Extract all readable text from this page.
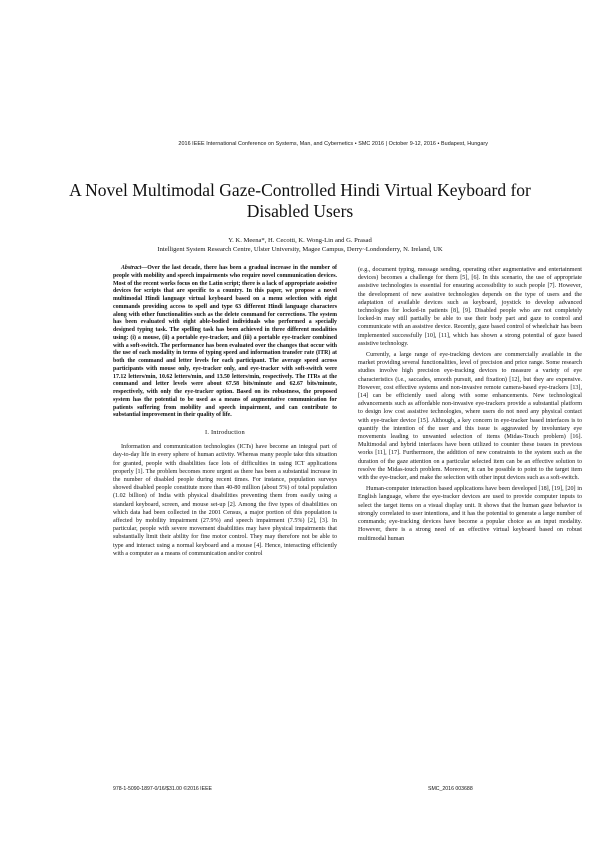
2016 IEEE International Conference on Systems, Man, and Cybernetics • SMC 2016 | October 9-12, 2016 • Budapest, Hungary
A Novel Multimodal Gaze-Controlled Hindi Virtual Keyboard for Disabled Users
Y. K. Meena*, H. Cecotti, K. Wong-Lin and G. Prasad
Intelligent System Research Centre, Ulster University, Magee Campus, Derry~Londonderry, N. Ireland, UK

Abstract—Over the last decade, there has been a gradual increase in the number of people with mobility and speech impairments who require novel communication devices. Most of the recent works focus on the Latin script; there is a lack of appropriate assistive devices for scripts that are specific to a country. In this paper, we propose a novel multimodal Hindi language virtual keyboard based on a menu selection with eight commands providing access to spell and type 63 different Hindi language characters along with other functionalities such as the delete command for corrections. The system has been evaluated with eight able-bodied individuals who performed a specially designed typing task. The spelling task has been achieved in three different modalities using: (i) a mouse, (ii) a portable eye-tracker, and (iii) a portable eye-tracker combined with a soft-switch. The performance has been evaluated over the changes that occur with the use of each modality in terms of typing speed and information transfer rate (ITR) at both the command and letter levels for each participant. The average speed across participants with mouse only, eye-tracker only, and eye-tracker with soft-switch were 17.12 letters/min, 10.62 letters/min, and 13.50 letters/min, respectively. The ITRs at the command and letter levels were about 67.58 bits/minute and 62.67 bits/minute, respectively, with only the eye-tracker option. Based on its robustness, the proposed system has the potential to be used as a means of augmentative communication for patients suffering from mobility and speech impairment, and can contribute to substantial improvement in their quality of life.

I. Introduction

Information and communication technologies (ICTs) have become an integral part of day-to-day life in every sphere of human activity. Whereas many people take this situation for granted, people with disabilities face lots of difficulties in using ICT applications properly [1]. The problem becomes more urgent as there has been a substantial increase in the number of disabled people during recent times. For instance, population surveys showed disabled people constitute more than 40-80 million (about 5%) of total population (1.02 billion) of India with physical disabilities preventing them from easily using a standard keyboard, screen, and mouse set-up [2]. Among the five types of disabilities on which data had been collected in the 2001 Census, a major portion of this population is affected by mobility impairment (27.9%) and speech impairment (7.5%) [2], [3]. In particular, people with severe movement disabilities may have physical impairments that substantially limit their ability for fine motor control. They may therefore not be able to type and interact using a normal keyboard and a mouse [4]. Hence, interacting efficiently with a computer as a means of communication and/or control

(e.g., document typing, message sending, operating other augmentative and entertainment devices) becomes a challenge for them [5], [6]. In this scenario, the use of appropriate assistive technologies is essential for ensuring accessibility to such people [7]. However, the development of new assistive technologies depends on the type of users and the adaptation of available devices such as keyboard, joystick to develop advanced technologies for locked-in patients [8], [9]. Disabled people who are not completely locked-in may still partially be able to use their body part and gaze to control and communicate with an assistive device. Recently, gaze based control of wheelchair has been implemented successfully [10], [11], which has shown a strong potential of gaze based assistive technology.

Currently, a large range of eye-tracking devices are commercially available in the market providing several functionalities, level of precision and price range. Some research studies involve high precision eye-tracking devices to measure a variety of eye characteristics (i.e., saccades, smooth pursuit, and fixation) [12], but they are expensive. However, cost effective systems and non-invasive remote camera-based eye-trackers [13], [14] can be efficiently used along with some enhancements. New technological advancements such as affordable non-invasive eye-trackers provide a substantial platform to design low cost assistive technologies, where users do not need any physical contact with eye-tracker device [15]. Although, a key concern in eye-tracker based interfaces is to quantify the intention of the user and this issue is aggravated by involuntary eye movements leading to unwanted selection of items (Midas-Touch problem) [16]. Multimodal and hybrid interfaces have been utilized to counter these issues in previous works [11], [17]. Furthermore, the addition of new constraints to the system such as the duration of the gaze attention on a particular selected item can be an effective solution to resolve the Midas-touch problem. Moreover, it can be possible to point to the target item with the eye-tracker, and make the selection with other input devices such as a soft-switch.

Human-computer interaction based applications have been developed [18], [19], [20] in English language, where the eye-tracker devices are used to provide computer inputs to select the target items on a visual display unit. It shows that the human gaze behavior is strongly correlated to user intentions, and it has the potential to generate a large number of commands; eye-tracking devices have become a popular choice as an input modality. However, there is a strong need of an effective virtual keyboard based on robust multimodal human

978-1-5090-1897-0/16/$31.00 ©2016 IEEE	SMC_2016 003688
